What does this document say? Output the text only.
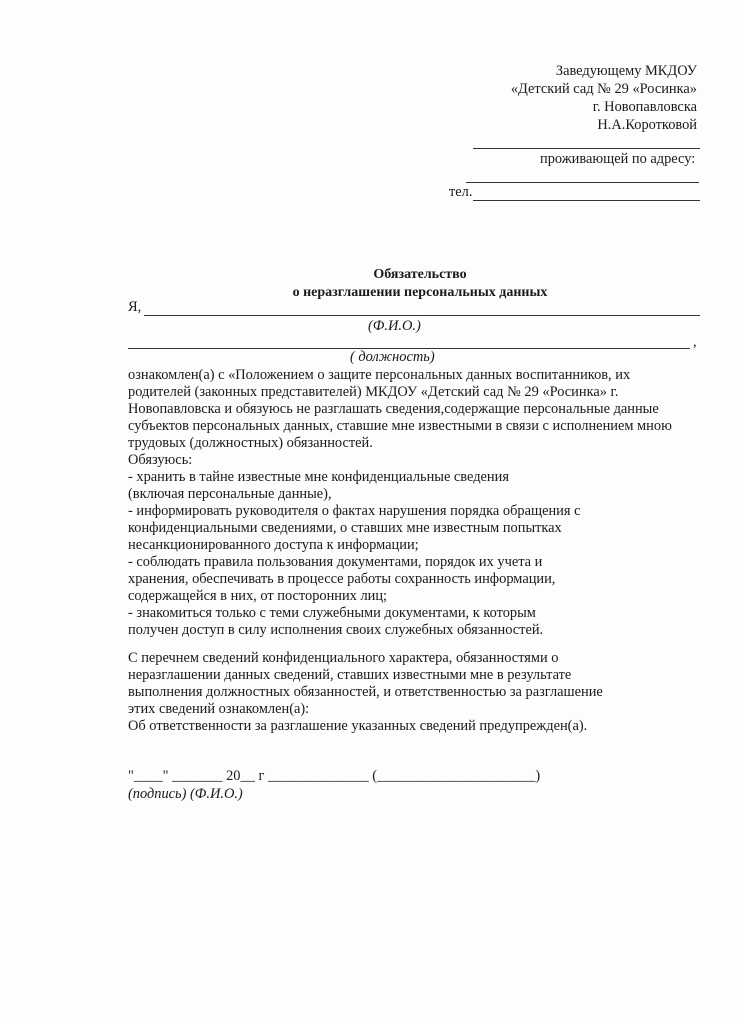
Заведующему МКДОУ
«Детский сад № 29 «Росинка»
г. Новопавловска
Н.А.Коротковой
проживающей по адресу:
тел.
Обязательство
о неразглашении персональных данных
Я,
(Ф.И.О.)
,
( должность)
ознакомлен(а) с «Положением о защите персональных данных воспитанников, их
родителей (законных представителей) МКДОУ «Детский сад № 29 «Росинка» г.
Новопавловска и обязуюсь не разглашать сведения,содержащие персональные данные
субъектов персональных данных, ставшие мне известными в связи с исполнением мною
трудовых (должностных) обязанностей.
Обязуюсь:
- хранить в тайне известные мне конфиденциальные сведения
(включая персональные данные),
- информировать руководителя о фактах нарушения порядка обращения с
конфиденциальными сведениями, о ставших мне известным попытках
несанкционированного доступа к информации;
- соблюдать правила пользования документами, порядок их учета и
хранения, обеспечивать в процессе работы сохранность информации,
содержащейся в них, от посторонних лиц;
- знакомиться только с теми служебными документами, к которым
получен доступ в силу исполнения своих служебных обязанностей.
С перечнем сведений конфиденциального характера, обязанностями о
неразглашении данных сведений, ставших известными мне в результате
выполнения должностных обязанностей, и ответственностью за разглашение
этих сведений ознакомлен(а):
Об ответственности за разглашение указанных сведений предупрежден(а).
"____" _______ 20__ г ______________ (______________________)
(подпись) (Ф.И.О.)
